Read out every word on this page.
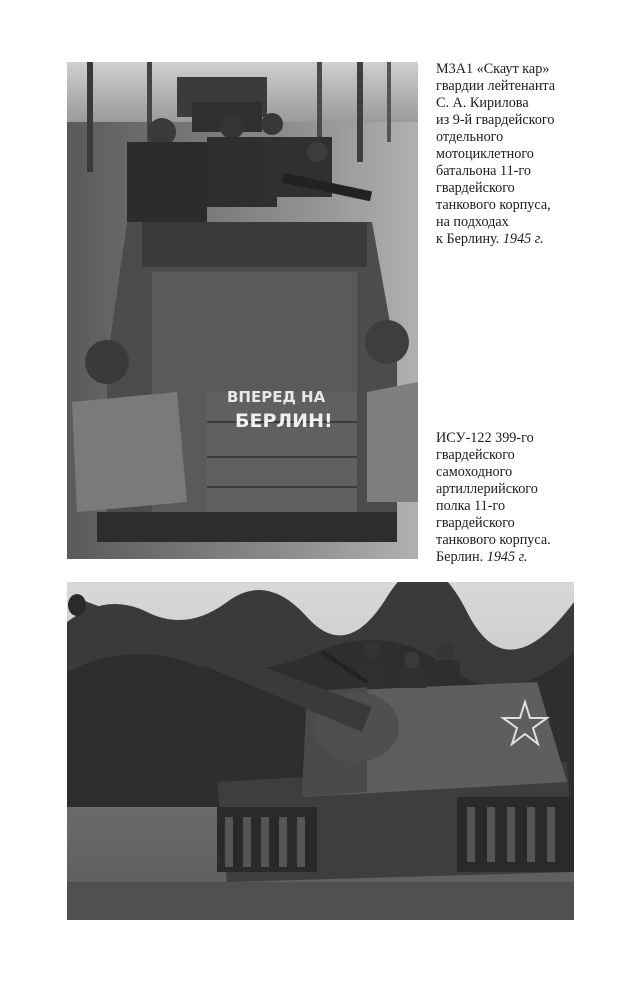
ВПЕРЕД НА
БЕРЛИН!
М3А1 «Скаут кар»
гвардии лейтенанта
С. А. Кирилова
из 9-й гвардейского
отдельного
мотоциклетного
батальона 11-го
гвардейского
танкового корпуса,
на подходах
к Берлину. 1945 г.
ИСУ-122 399-го
гвардейского
самоходного
артиллерийского
полка 11-го
гвардейского
танкового корпуса.
Берлин. 1945 г.
